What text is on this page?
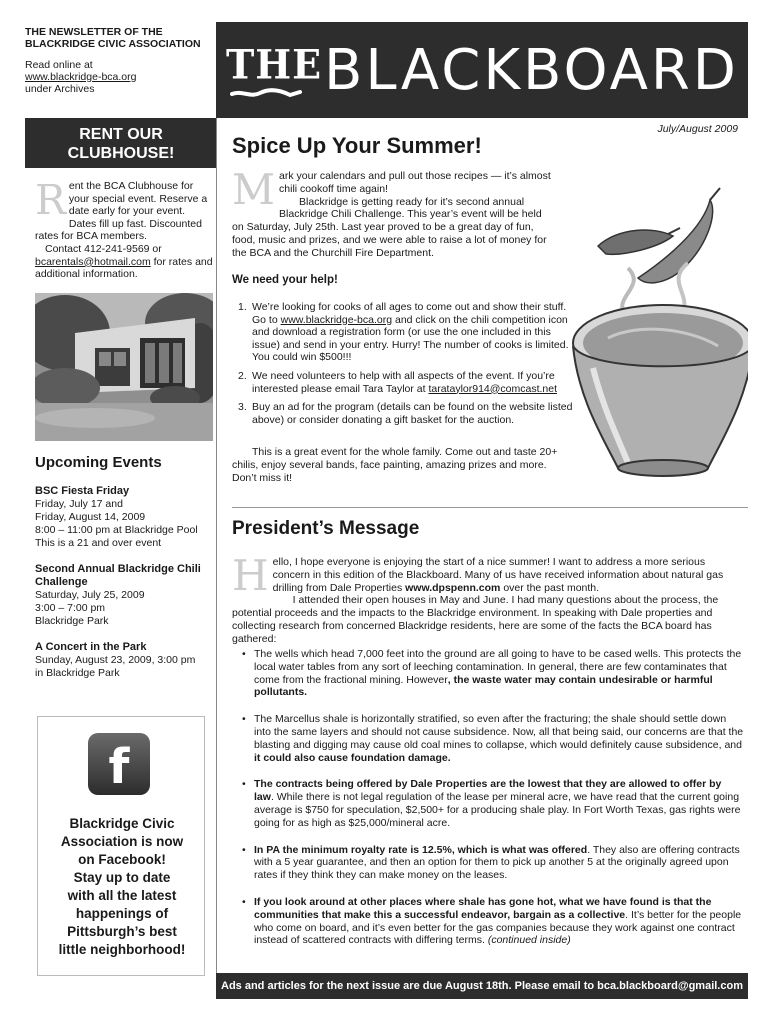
THE NEWSLETTER OF THE
BLACKRIDGE CIVIC ASSOCIATION
Read online at
www.blackridge-bca.org
under Archives
THE BLACKBOARD
RENT OUR
CLUBHOUSE!
R ent the BCA Clubhouse for your special event. Reserve a date early for your event. Dates fill up fast. Discounted rates for BCA members.
Contact 412-241-9569 or
bcarentals@hotmail.com for rates and additional information.
Upcoming Events
BSC Fiesta Friday
Friday, July 17 and
Friday, August 14, 2009
8:00 – 11:00 pm at Blackridge Pool
This is a 21 and over event
Second Annual Blackridge Chili Challenge
Saturday, July 25, 2009
3:00 – 7:00 pm
Blackridge Park
A Concert in the Park
Sunday, August 23, 2009, 3:00 pm
in Blackridge Park
f
Blackridge Civic
Association is now
on Facebook!
Stay up to date
with all the latest
happenings of
Pittsburgh’s best
little neighborhood!
July/August 2009
Spice Up Your Summer!
M ark your calendars and pull out those recipes — it’s almost chili cookoff time again!
Blackridge is getting ready for it’s second annual Blackridge Chili Challenge. This year’s event will be held on Saturday, July 25th. Last year proved to be a great day of fun, food, music and prizes, and we were able to raise a lot of money for the BCA and the Churchill Fire Department.
We need your help!
1. We’re looking for cooks of all ages to come out and show their stuff. Go to www.blackridge-bca.org and click on the chili competition icon and download a registration form (or use the one included in this issue) and send in your entry. Hurry! The number of cooks is limited. You could win $500!!!
2. We need volunteers to help with all aspects of the event. If you’re interested please email Tara Taylor at tarataylor914@comcast.net
3. Buy an ad for the program (details can be found on the website listed above) or consider donating a gift basket for the auction.
This is a great event for the whole family. Come out and taste 20+ chilis, enjoy several bands, face painting, amazing prizes and more. Don’t miss it!
President’s Message
H ello, I hope everyone is enjoying the start of a nice summer! I want to address a more serious concern in this edition of the Blackboard. Many of us have received information about natural gas drilling from Dale Properties www.dpspenn.com over the past month.
I attended their open houses in May and June. I had many questions about the process, the potential proceeds and the impacts to the Blackridge environment. In speaking with Dale properties and collecting research from concerned Blackridge residents, here are some of the facts the BCA board has gathered:
• The wells which head 7,000 feet into the ground are all going to have to be cased wells. This protects the local water tables from any sort of leeching contamination. In general, there are few contaminates that come from the fractional mining. However, the waste water may contain undesirable or harmful pollutants.
• The Marcellus shale is horizontally stratified, so even after the fracturing; the shale should settle down into the same layers and should not cause subsidence. Now, all that being said, our concerns are that the blasting and digging may cause old coal mines to collapse, which would definitely cause subsidence, and it could also cause foundation damage.
• The contracts being offered by Dale Properties are the lowest that they are allowed to offer by law. While there is not legal regulation of the lease per mineral acre, we have read that the current going average is $750 for speculation, $2,500+ for a producing shale play. In Fort Worth Texas, gas rights were going for as high as $25,000/mineral acre.
• In PA the minimum royalty rate is 12.5%, which is what was offered. They also are offering contracts with a 5 year guarantee, and then an option for them to pick up another 5 at the originally agreed upon rates if they think they can make money on the leases.
• If you look around at other places where shale has gone hot, what we have found is that the communities that make this a successful endeavor, bargain as a collective. It’s better for the people who come on board, and it’s even better for the gas companies because they work against one contract instead of scattered contracts with differing terms. (continued inside)
Ads and articles for the next issue are due August 18th. Please email to bca.blackboard@gmail.com
